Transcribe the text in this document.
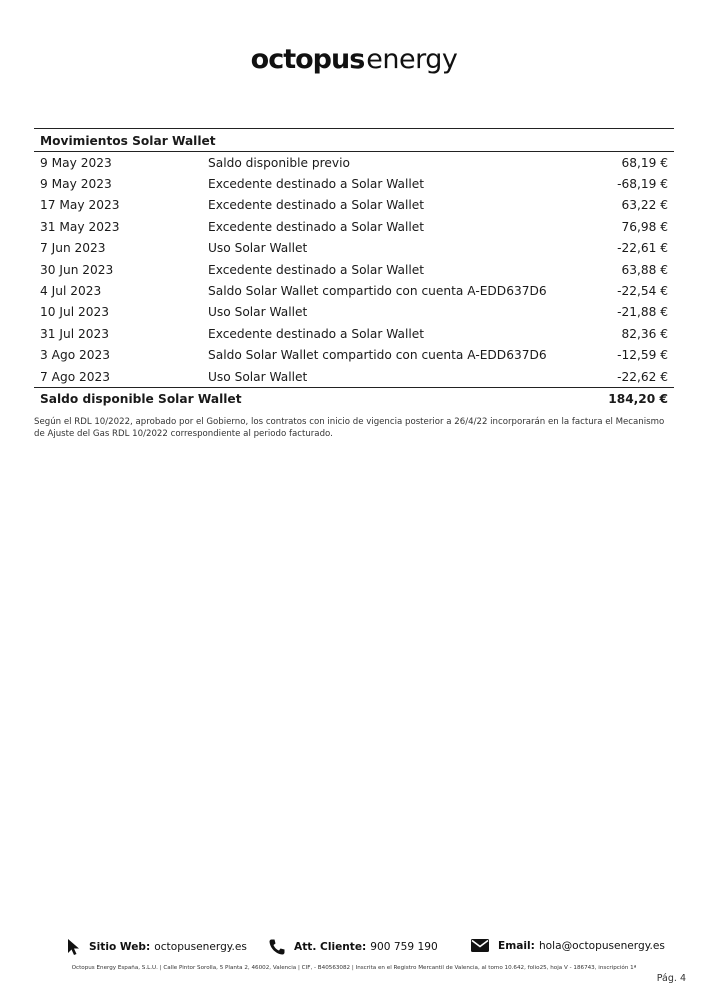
octopusenergy
Movimientos Solar Wallet		
9 May 2023	Saldo disponible previo	68,19 €
9 May 2023	Excedente destinado a Solar Wallet	-68,19 €
17 May 2023	Excedente destinado a Solar Wallet	63,22 €
31 May 2023	Excedente destinado a Solar Wallet	76,98 €
7 Jun 2023	Uso Solar Wallet	-22,61 €
30 Jun 2023	Excedente destinado a Solar Wallet	63,88 €
4 Jul 2023	Saldo Solar Wallet compartido con cuenta A-EDD637D6	-22,54 €
10 Jul 2023	Uso Solar Wallet	-21,88 €
31 Jul 2023	Excedente destinado a Solar Wallet	82,36 €
3 Ago 2023	Saldo Solar Wallet compartido con cuenta A-EDD637D6	-12,59 €
7 Ago 2023	Uso Solar Wallet	-22,62 €
Saldo disponible Solar Wallet		184,20 €
Según el RDL 10/2022, aprobado por el Gobierno, los contratos con inicio de vigencia posterior a 26/4/22 incorporarán en la factura el Mecanismo de Ajuste del Gas RDL 10/2022 correspondiente al periodo facturado.
Sitio Web: octopusenergy.es	Att. Cliente: 900 759 190	Email: hola@octopusenergy.es
Octopus Energy España, S.L.U. | Calle Pintor Sorolla, 5 Planta 2, 46002, Valencia | CIF, - B40563082 | Inscrita en el Registro Mercantil de Valencia, al tomo 10.642, folio25, hoja V - 186743, inscripción 1ª
Pág. 4
